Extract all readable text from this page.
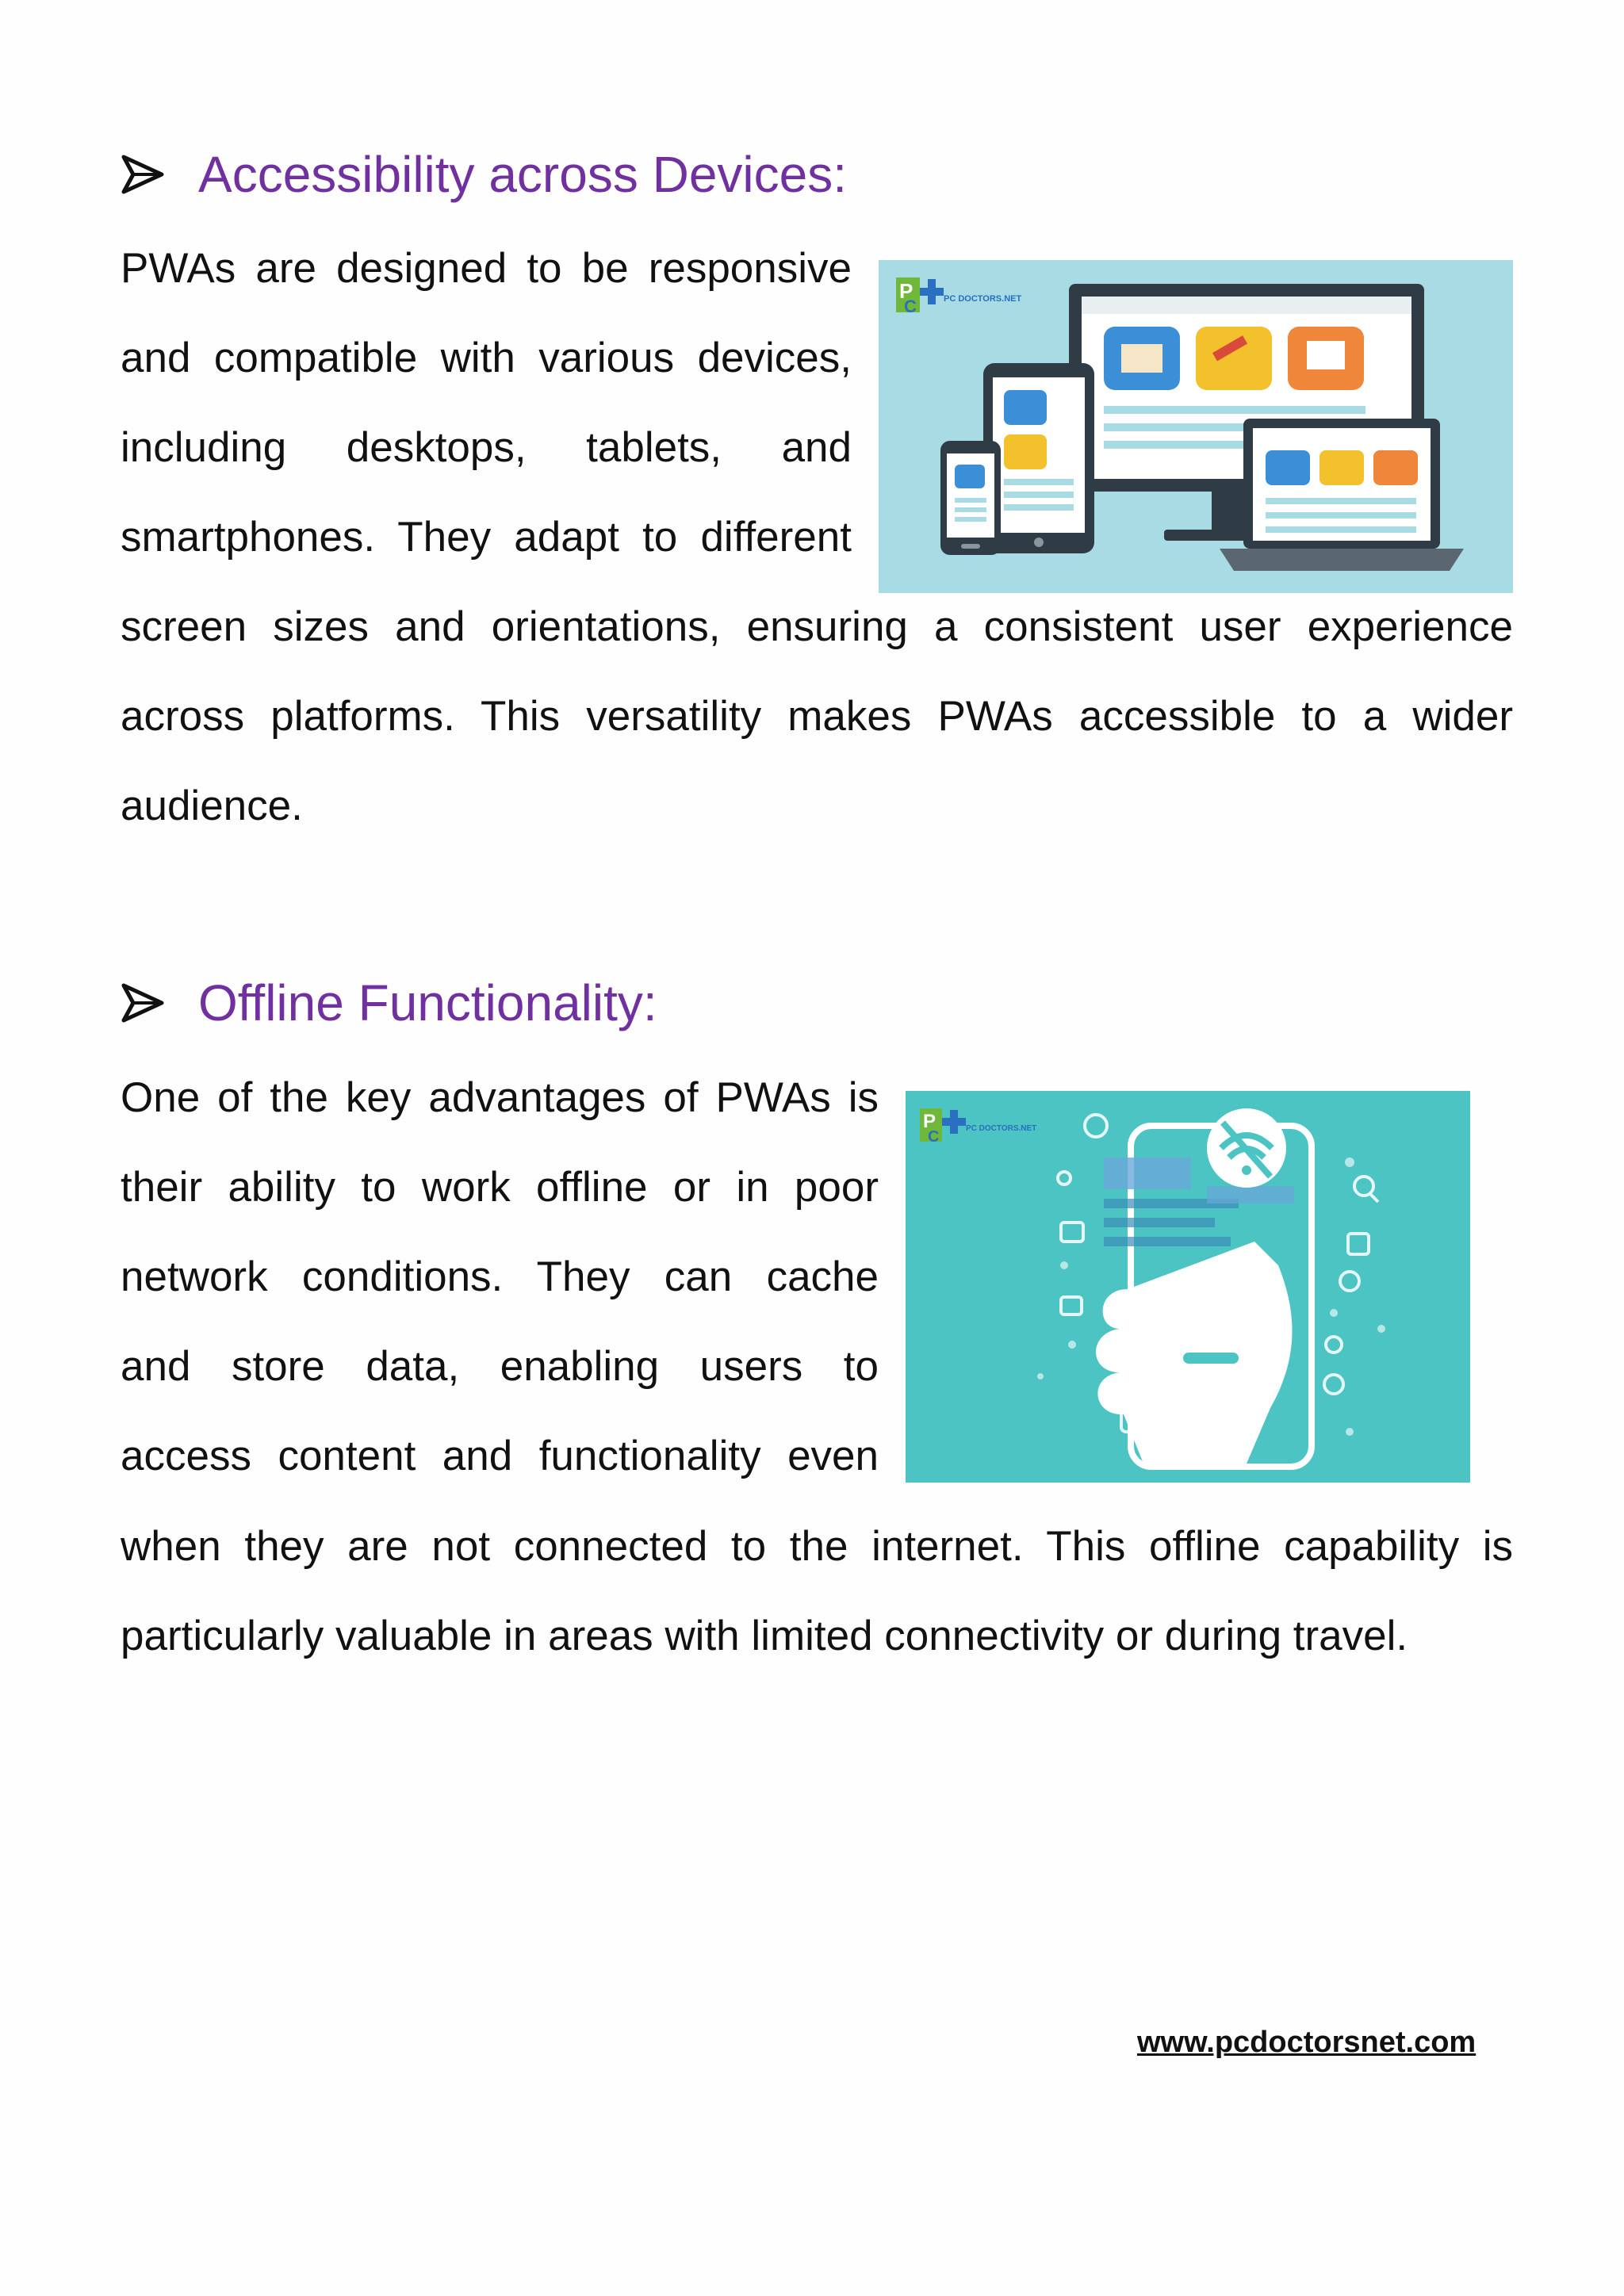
Accessibility across Devices:
PWAs are designed to be responsive
and compatible with various devices,
including desktops, tablets, and
smartphones. They adapt to different
P
C	PC DOCTORS.NET
screen sizes and orientations, ensuring a consistent user experience
across platforms. This versatility makes PWAs accessible to a wider
audience.
Offline Functionality:
One of the key advantages of PWAs is
their ability to work offline or in poor
network conditions. They can cache
and store data, enabling users to
access content and functionality even
P
C	PC DOCTORS.NET
when they are not connected to the internet. This offline capability is
particularly valuable in areas with limited connectivity or during travel.
www.pcdoctorsnet.com
